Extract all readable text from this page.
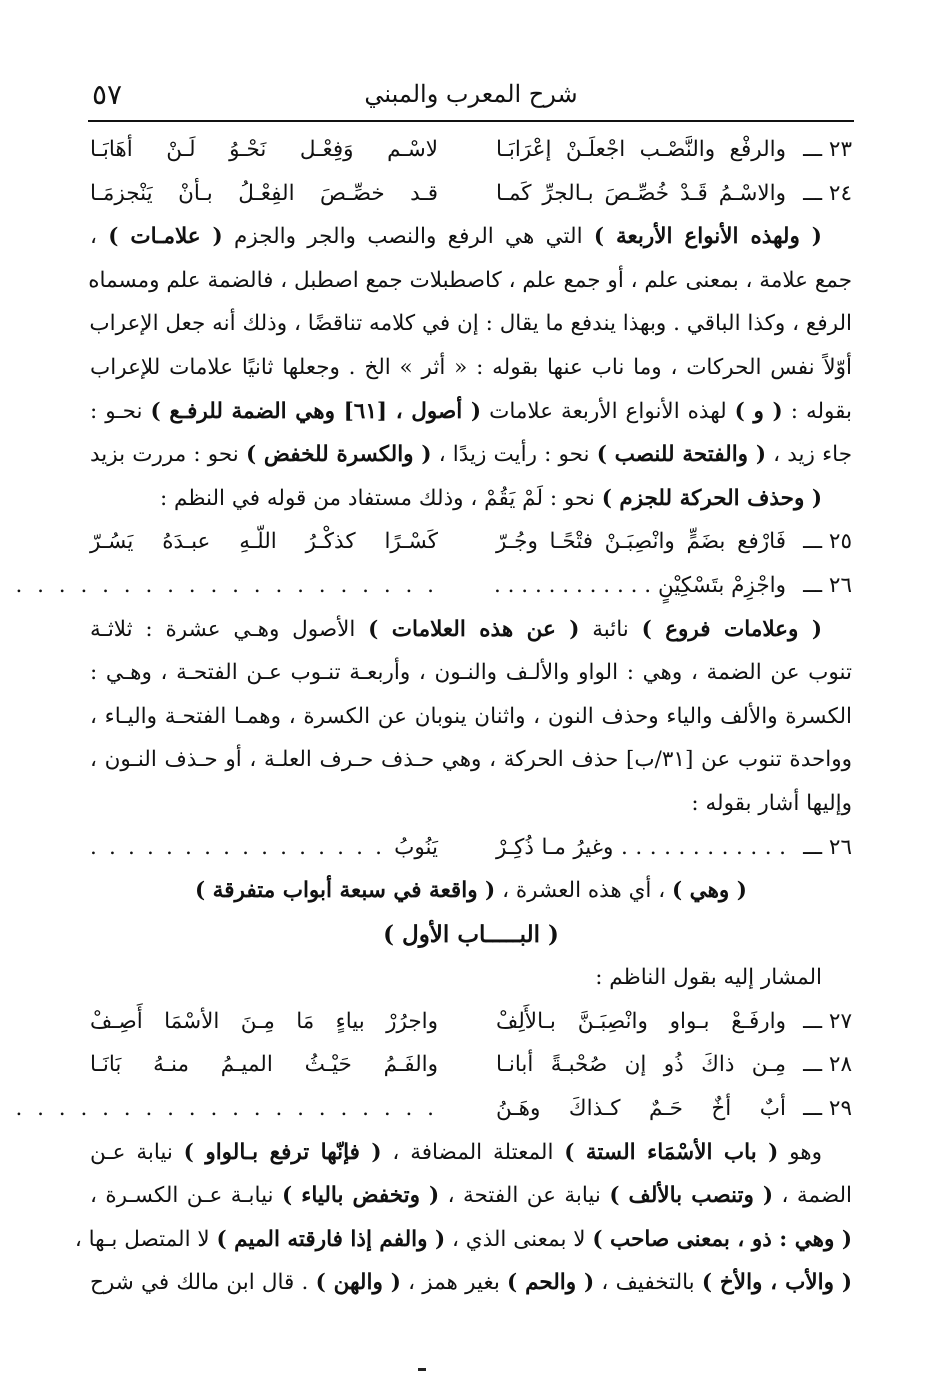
٥٧	شرح المعرب والمبني
٢٣ ـــ
والرفْع والنَّصْـب اجْعلَـنْ إعْرَابَـا
لاسْـم وَفِعْـل نَحْـوُ لَـنْ أهَابَـا
٢٤ ـــ
والاسْـمُ قَـدْ خُصِّـصَ بـالجرِّ كَمـا
قـد خصِّـصَ الفِعْـلُ بـأنْ يَنْجزمَـا
( ولهذه الأنواع الأربعة ) التي هي الرفع والنصب والجر والجزم ( علامـات ) ،
جمع علامة ، بمعنى علم ، أو جمع علم ، كاصطبلات جمع اصطبل ، فالضمة علم ومسماه
الرفع ، وكذا الباقي . وبهذا يندفع ما يقال : إن في كلامه تناقضًا ، وذلك أنه جعل الإعراب
أوّلاً نفس الحركات ، وما ناب عنها بقوله : « أثر » الخ . وجعلها ثانيًا علامات للإعراب
بقوله : ( و ) لهذه الأنواع الأربعة علامات ( أصول ، [٦١] وهي الضمة للرفـع ) نحـو :
جاء زيد ، ( والفتحة للنصب ) نحو : رأيت زيدًا ، ( والكسرة للخفض ) نحو : مررت بزيد
( وحذف الحركة للجزم ) نحو : لَمْ يَقُمْ ، وذلك مستفاد من قوله في النظم :
٢٥ ـــ
فَارْفع بضَمٍّ وانْصِبَـنْ فتْحًـا وجُـرّ
كَسْـرًا كذكْـرُ اللّـهِ عبـدَهُ يَسُـرّ
٢٦ ـــ
واجْزِمْ بتَسْكِيْنٍ . . . . . . . . . . . .
. . . . . . . . . . . . . . . . . . . .
( وعلامات فروع ) نائبة ( عن هذه العلامات ) الأصول وهـي عشرة : ثلاثـة
تنوب عن الضمة ، وهي : الواو والألـف والنـون ، وأربعـة تنـوب عـن الفتحـة ، وهـي :
الكسرة والألف والياء وحذف النون ، واثنان ينوبان عن الكسرة ، وهمـا الفتحـة واليـاء ،
وواحدة تنوب عن [٣١/ب] حذف الحركة ، وهي حـذف حـرف العلـة ، أو حـذف النـون ،
وإليها أشار بقوله :
٢٦ ـــ
. . . . . . . . . . . . وغيرُ مـا ذُكِـرْ
يَنُوبُ . . . . . . . . . . . . . . . .
( وهي ) ، أي هذه العشرة ، ( واقعة في سبعة أبواب متفرقة )
( البـــــاب الأول )
المشار إليه بقول الناظم :
٢٧ ـــ
وارفَـعْ بـواو وانْصِبَـنَّ بـالأَلِفْ
واجرُرْ بياءٍ مَا مِـنَ الأسْمَا أَصِـفْ
٢٨ ـــ
مِـن ذاكَ ذُو إن صُحْبـةً أبانـا
والفَـمُ حَيْـثُ الميـمُ منـهُ بَانَـا
٢٩ ـــ
أبٌ أخٌ حَـمٌ كـذاكَ وهَـنُ
. . . . . . . . . . . . . . . . . . . .
وهو ( باب الأسْمَاء الستة ) المعتلة المضافة ، ( فإنّها ترفع بـالواو ) نيابة عـن
الضمة ، ( وتنصب بالألف ) نيابة عن الفتحة ، ( وتخفض بالياء ) نيابـة عـن الكسـرة ،
( وهي : ذو ، بمعنى صاحب ) لا بمعنى الذي ، ( والفم إذا فارقته الميم ) لا المتصل بـها ،
( والأب ، والأخ ) بالتخفيف ، ( والحم ) بغير همز ، ( والهن ) . قال ابن مالك في شرح
